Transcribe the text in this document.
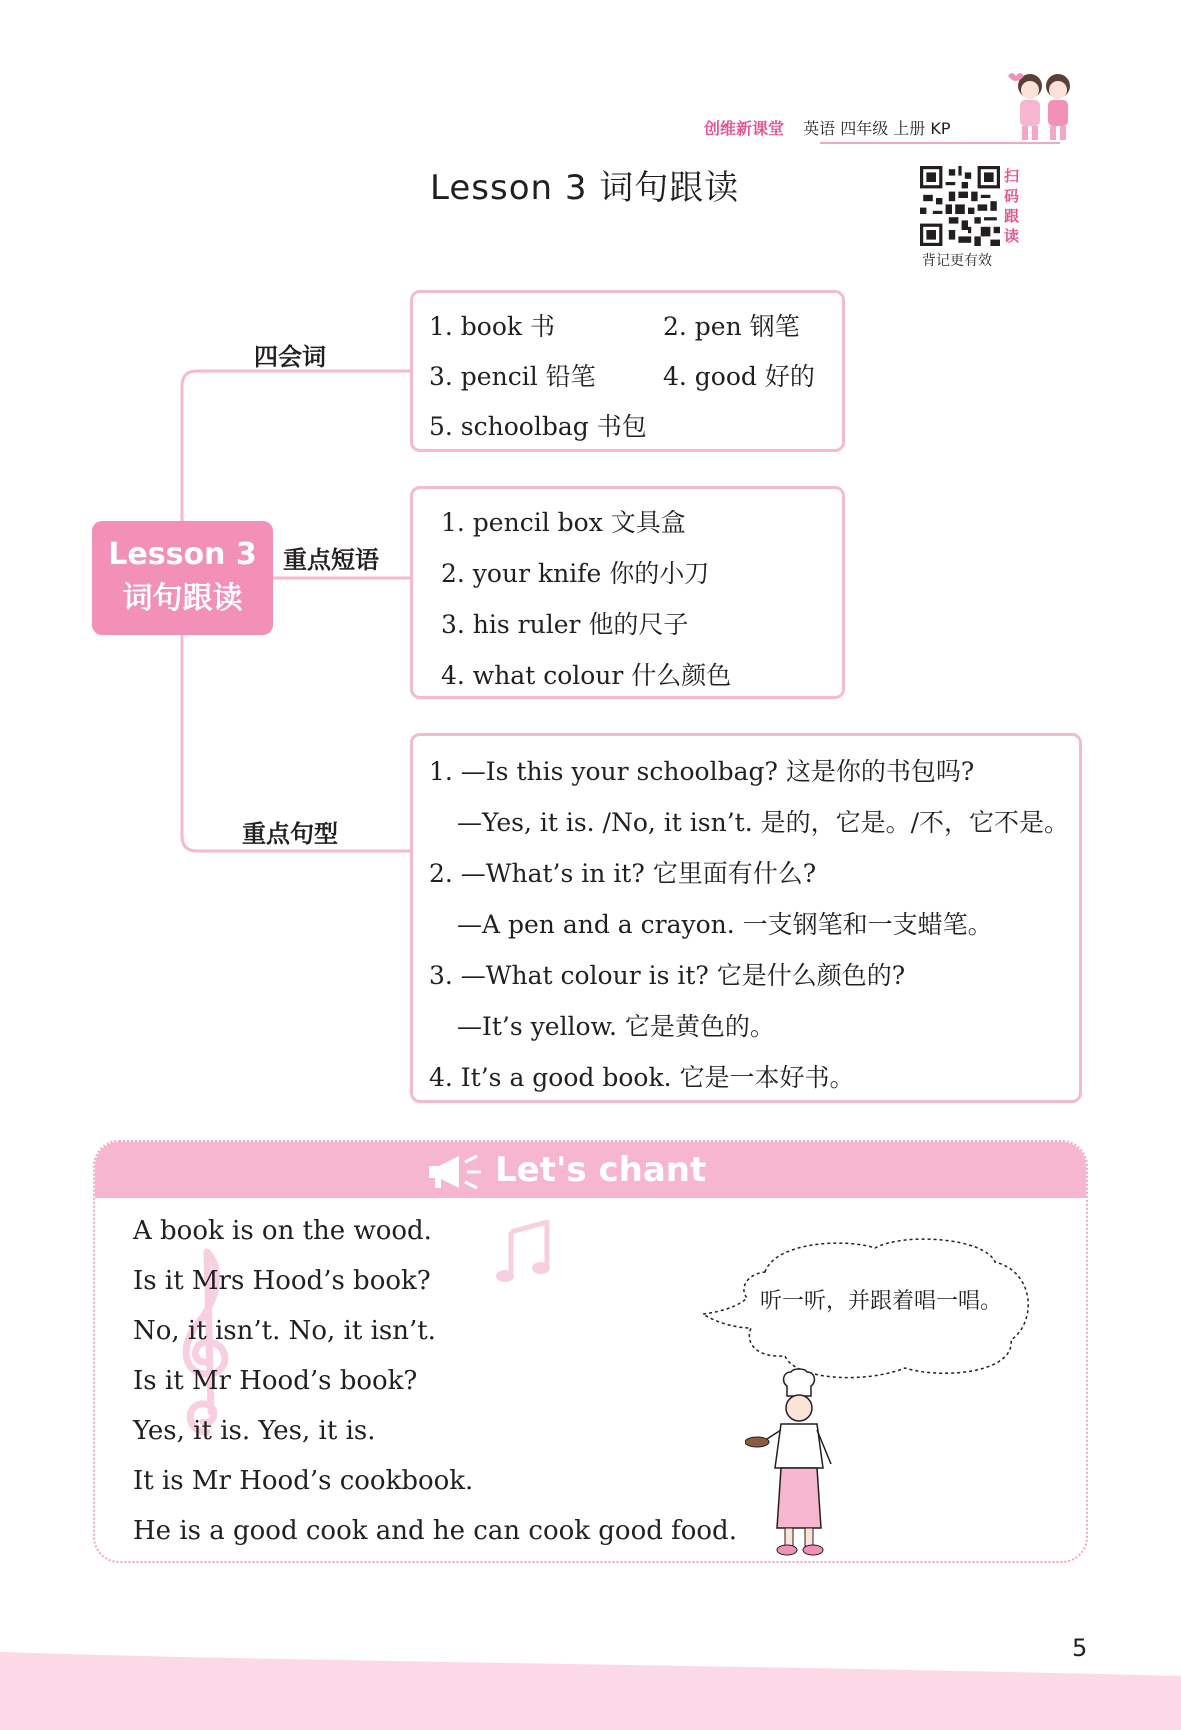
创维新课堂 英语 四年级 上册 KP
Lesson 3 词句跟读	扫
码
跟
读
背记更有效
Lesson 3
词句跟读
四会词
重点短语
重点句型
1. book 书	2. pen 钢笔
3. pencil 铅笔	4. good 好的
5. schoolbag 书包
1. pencil box 文具盒
2. your knife 你的小刀
3. his ruler 他的尺子
4. what colour 什么颜色
1. —Is this your schoolbag? 这是你的书包吗?
—Yes, it is. /No, it isn’t. 是的，它是。/不，它不是。
2. —What’s in it? 它里面有什么?
—A pen and a crayon. 一支钢笔和一支蜡笔。
3. —What colour is it? 它是什么颜色的?
—It’s yellow. 它是黄色的。
4. It’s a good book. 它是一本好书。
Let's chant
A book is on the wood.
Is it Mrs Hood’s book?
No, it isn’t. No, it isn’t.
Is it Mr Hood’s book?
Yes, it is. Yes, it is.
It is Mr Hood’s cookbook.
He is a good cook and he can cook good food.
听一听，并跟着唱一唱。
5
